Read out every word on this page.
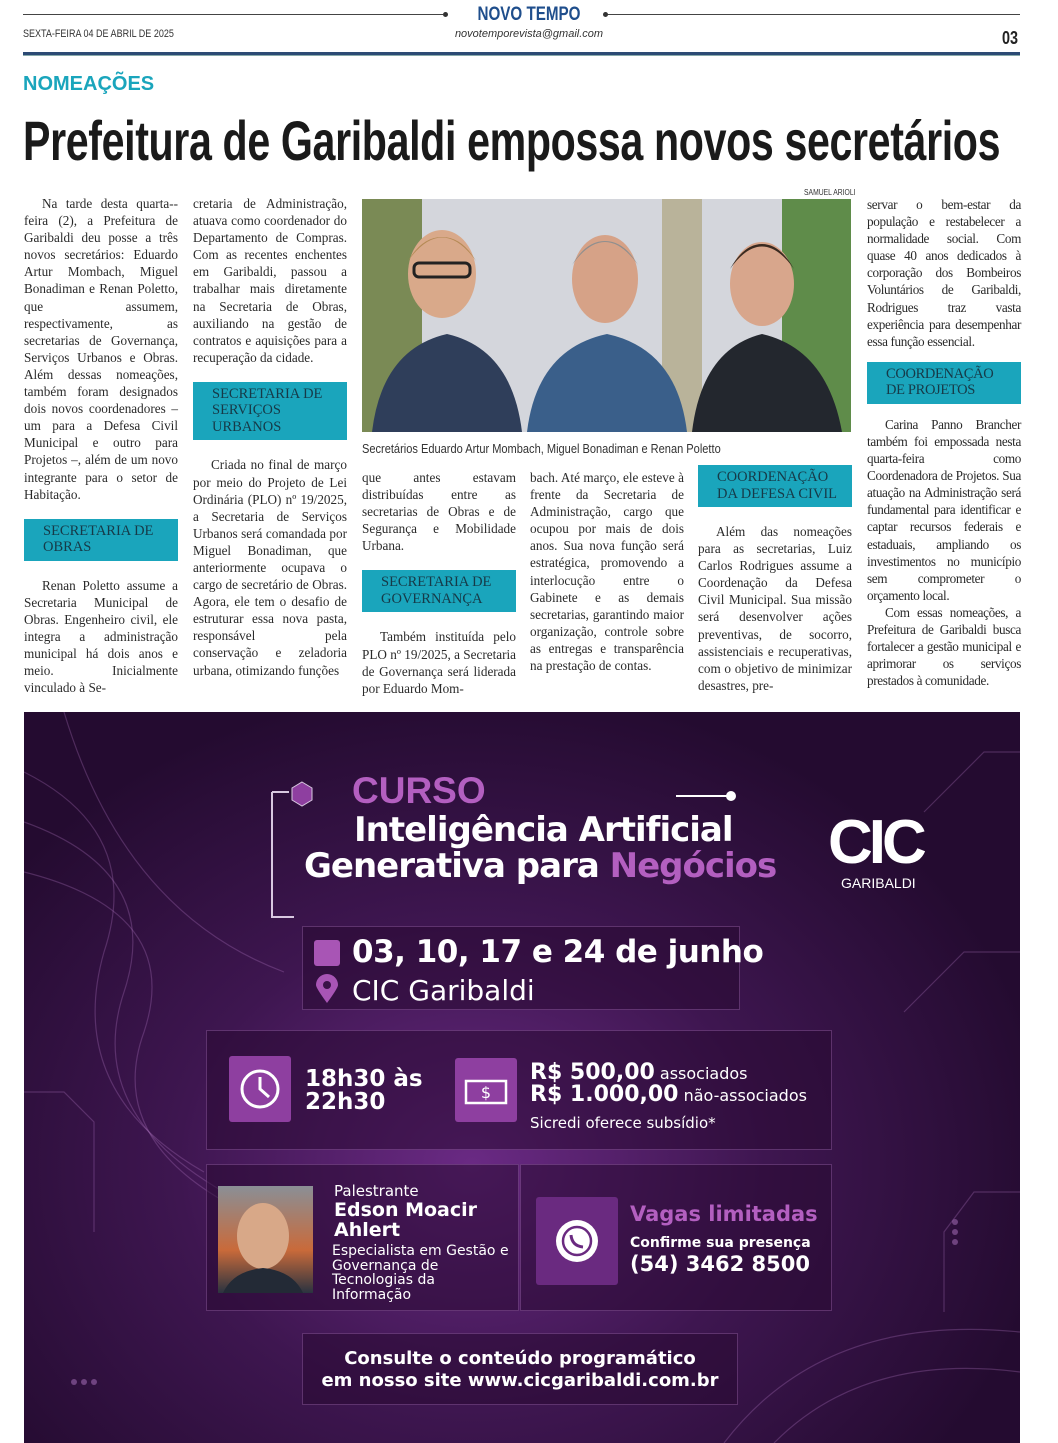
NOVO TEMPO
SEXTA-FEIRA 04 DE ABRIL DE 2025	novotemporevista@gmail.com	03
NOMEAÇÕES
Prefeitura de Garibaldi empossa novos secretários

Na tarde desta quarta--feira (2), a Prefeitura de Garibaldi deu posse a três novos secretários: Eduardo Artur Mombach, Miguel Bonadiman e Renan Poletto, que assumem, respectivamente, as secretarias de Governança, Serviços Urbanos e Obras. Além dessas nomeações, também foram designados dois novos coordenadores – um para a Defesa Civil Municipal e outro para Projetos –, além de um novo integrante para o setor de Habitação.

SECRETARIA DE OBRAS

Renan Poletto assume a Secretaria Municipal de Obras. Engenheiro civil, ele integra a administração municipal há dois anos e meio. Inicialmente vinculado à Se-

cretaria de Administração, atuava como coordenador do Departamento de Compras. Com as recentes enchentes em Garibaldi, passou a trabalhar mais diretamente na Secretaria de Obras, auxiliando na gestão de contratos e aquisições para a recuperação da cidade.

SECRETARIA DE SERVIÇOS URBANOS

Criada no final de março por meio do Projeto de Lei Ordinária (PLO) nº 19/2025, a Secretaria de Serviços Urbanos será comandada por Miguel Bonadiman, que anteriormente ocupava o cargo de secretário de Obras. Agora, ele tem o desafio de estruturar essa nova pasta, responsável pela conservação e zeladoria urbana, otimizando funções

que antes estavam distribuídas entre as secretarias de Obras e de Segurança e Mobilidade Urbana.

SECRETARIA DE GOVERNANÇA

Também instituída pelo PLO nº 19/2025, a Secretaria de Governança será liderada por Eduardo Mom-

bach. Até março, ele esteve à frente da Secretaria de Administração, cargo que ocupou por mais de dois anos. Sua nova função será estratégica, promovendo a interlocução entre o Gabinete e as demais secretarias, garantindo maior organização, controle sobre as entregas e transparência na prestação de contas.

COORDENAÇÃO DA DEFESA CIVIL

Além das nomeações para as secretarias, Luiz Carlos Rodrigues assume a Coordenação da Defesa Civil Municipal. Sua missão será desenvolver ações preventivas, de socorro, assistenciais e recuperativas, com o objetivo de minimizar desastres, pre-

servar o bem-estar da população e restabelecer a normalidade social. Com quase 40 anos dedicados à corporação dos Bombeiros Voluntários de Garibaldi, Rodrigues traz vasta experiência para desempenhar essa função essencial.

COORDENAÇÃO DE PROJETOS

Carina Panno Brancher também foi empossada nesta quarta-feira como Coordenadora de Projetos. Sua atuação na Administração será fundamental para identificar e captar recursos federais e estaduais, ampliando os investimentos no município sem comprometer o orçamento local.

Com essas nomeações, a Prefeitura de Garibaldi busca fortalecer a gestão municipal e aprimorar os serviços prestados à comunidade.

SAMUEL ARIOLI
Secretários Eduardo Artur Mombach, Miguel Bonadiman e Renan Poletto
CURSO
Inteligência Artificial
Generativa para Negócios CIC
GARIBALDI
03, 10, 17 e 24 de junho
CIC Garibaldi
18h30 às
22h30	$
R$ 500,00 associados
R$ 1.000,00 não-associados
Sicredi oferece subsídio*
Palestrante
Edson Moacir
Ahlert
Especialista em Gestão e Governança de Tecnologias da Informação
Vagas limitadas
Confirme sua presença
(54) 3462 8500
Consulte o conteúdo programático
em nosso site www.cicgaribaldi.com.br
